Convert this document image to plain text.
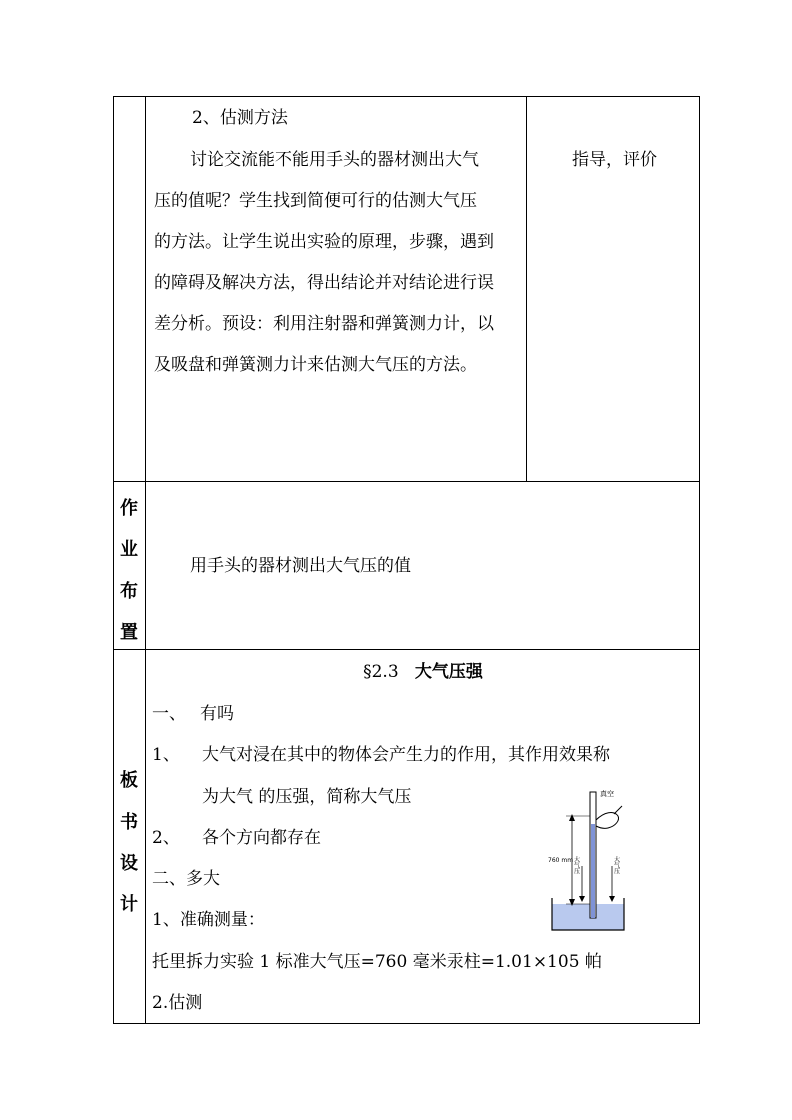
2、估测方法
讨论交流能不能用手头的器材测出大气
压的值呢？学生找到简便可行的估测大气压
的方法。让学生说出实验的原理，步骤，遇到
的障碍及解决方法，得出结论并对结论进行误
差分析。预设：利用注射器和弹簧测力计，以
及吸盘和弹簧测力计来估测大气压的方法。
指导，评价
作
业
布
置
用手头的器材测出大气压的值
板
书
设
计
§2.3 大气压强
一、 有吗
1、 大气对浸在其中的物体会产生力的作用，其作用效果称
为大气 的压强，简称大气压
2、 各个方向都存在
二、多大
1、准确测量：
托里拆力实验 1 标准大气压=760 毫米汞柱=1.01×105 帕
2.估测
真空
760 mm 大气压	大气压
